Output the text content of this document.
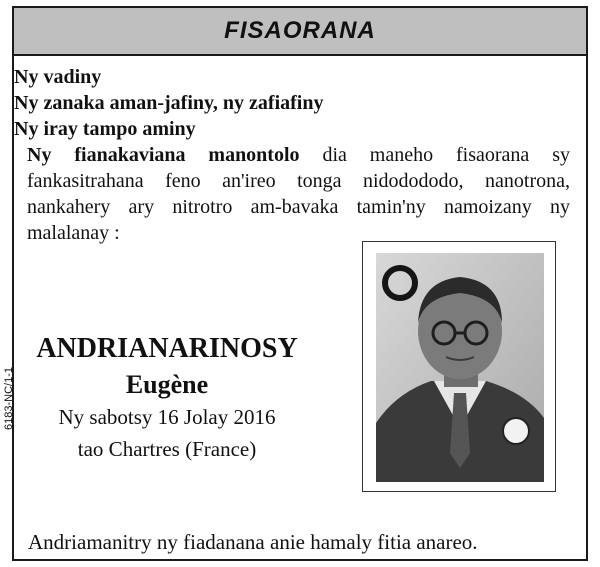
FISAORANA
Ny vadiny
Ny zanaka aman-jafiny, ny zafiafiny
Ny iray tampo aminy
Ny fianakaviana manontolo dia maneho fisaorana sy fankasitrahana feno an'ireo tonga nidodododo, nanotrona, nankahery ary nitrotro am-bavaka tamin'ny namoizany ny malalanay :
ANDRIANARINOSY
Eugène
Ny sabotsy 16 Jolay 2016
tao Chartres (France)
6183-NC/1-1
Andriamanitry ny fiadanana anie hamaly fitia anareo.
